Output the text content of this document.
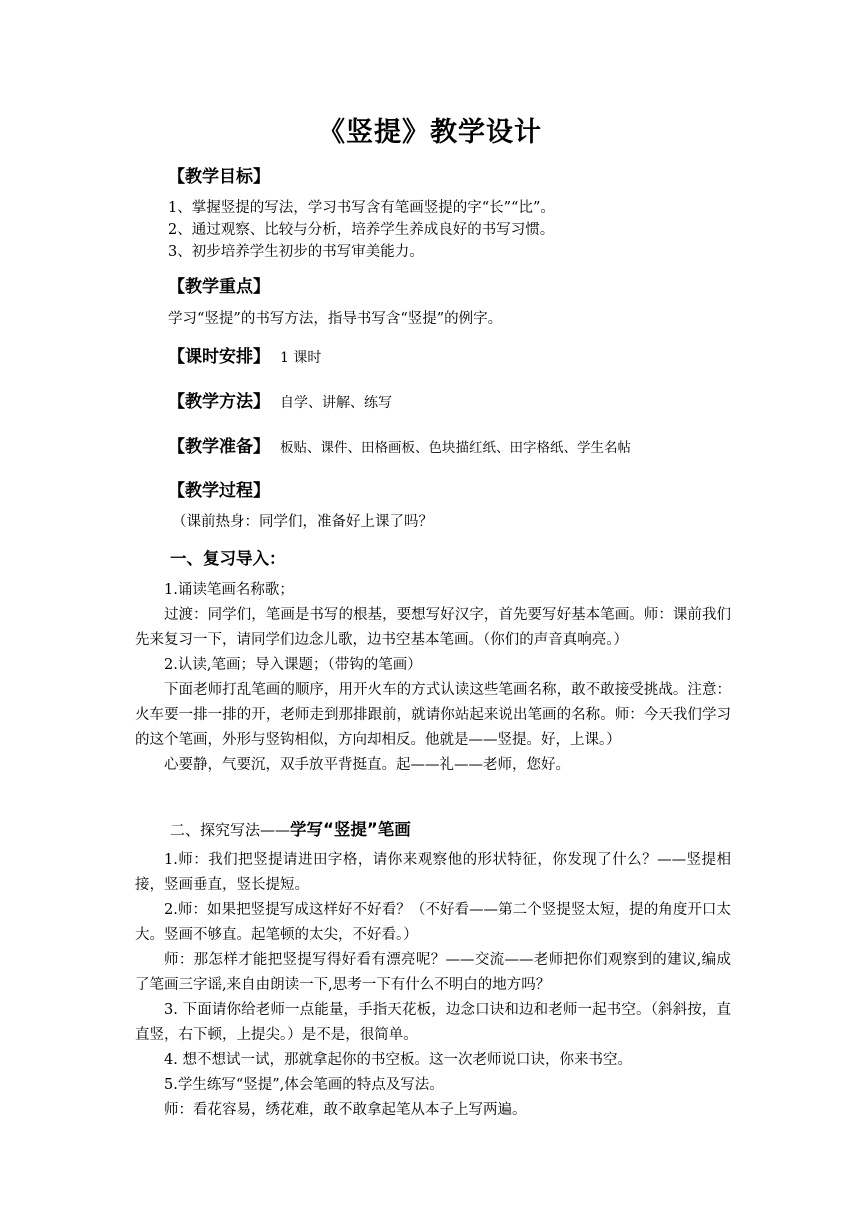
《竖提》教学设计
【教学目标】
1、掌握竖提的写法，学习书写含有笔画竖提的字“长”“比”。
2、通过观察、比较与分析，培养学生养成良好的书写习惯。
3、初步培养学生初步的书写审美能力。
【教学重点】
学习“竖提”的书写方法，指导书写含“竖提”的例字。
【课时安排】 1 课时
【教学方法】 自学、讲解、练写
【教学准备】 板贴、课件、田格画板、色块描红纸、田字格纸、学生名帖
【教学过程】
（课前热身：同学们，准备好上课了吗？
一、复习导入：

1.诵读笔画名称歌；

过渡：同学们，笔画是书写的根基，要想写好汉字，首先要写好基本笔画。师：课前我们先来复习一下，请同学们边念儿歌，边书空基本笔画。（你们的声音真响亮。）

2.认读,笔画；导入课题；（带钩的笔画）

下面老师打乱笔画的顺序，用开火车的方式认读这些笔画名称，敢不敢接受挑战。注意：火车要一排一排的开，老师走到那排跟前，就请你站起来说出笔画的名称。师：今天我们学习的这个笔画，外形与竖钩相似，方向却相反。他就是——竖提。好，上课。）

心要静，气要沉，双手放平背挺直。起——礼——老师，您好。

二、探究写法——学写“竖提”笔画

1.师：我们把竖提请进田字格，请你来观察他的形状特征，你发现了什么？——竖提相接，竖画垂直，竖长提短。

2.师：如果把竖提写成这样好不好看？（不好看——第二个竖提竖太短，提的角度开口太大。竖画不够直。起笔顿的太尖，不好看。）

师：那怎样才能把竖提写得好看有漂亮呢？——交流——老师把你们观察到的建议,编成了笔画三字谣,来自由朗读一下,思考一下有什么不明白的地方吗？

3. 下面请你给老师一点能量，手指天花板，边念口诀和边和老师一起书空。（斜斜按，直直竖，右下顿，上提尖。）是不是，很简单。

4. 想不想试一试，那就拿起你的书空板。这一次老师说口诀，你来书空。

5.学生练写“竖提”,体会笔画的特点及写法。

师：看花容易，绣花难，敢不敢拿起笔从本子上写两遍。
